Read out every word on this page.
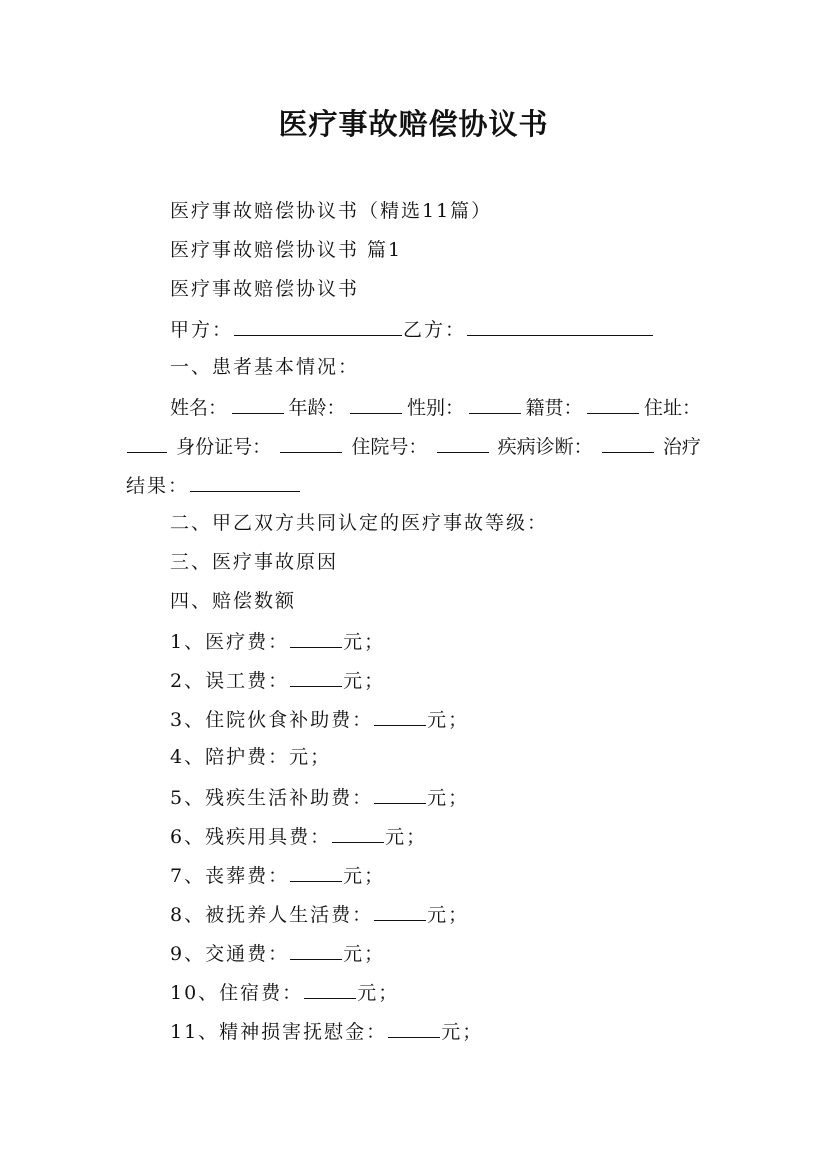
医疗事故赔偿协议书
医疗事故赔偿协议书（精选11篇）
医疗事故赔偿协议书 篇1
医疗事故赔偿协议书
甲方：	乙方：
一、患者基本情况：
姓名：	年龄：	性别：	籍贯：	住址：
身份证号：	住院号：	疾病诊断：	治疗
结果：
二、甲乙双方共同认定的医疗事故等级：
三、医疗事故原因
四、赔偿数额
1、医疗费：	元；
2、误工费：	元；
3、住院伙食补助费：	元；
4、陪护费：元；
5、残疾生活补助费：	元；
6、残疾用具费：	元；
7、丧葬费：	元；
8、被抚养人生活费：	元；
9、交通费：	元；
10、住宿费：	元；
11、精神损害抚慰金：	元；
